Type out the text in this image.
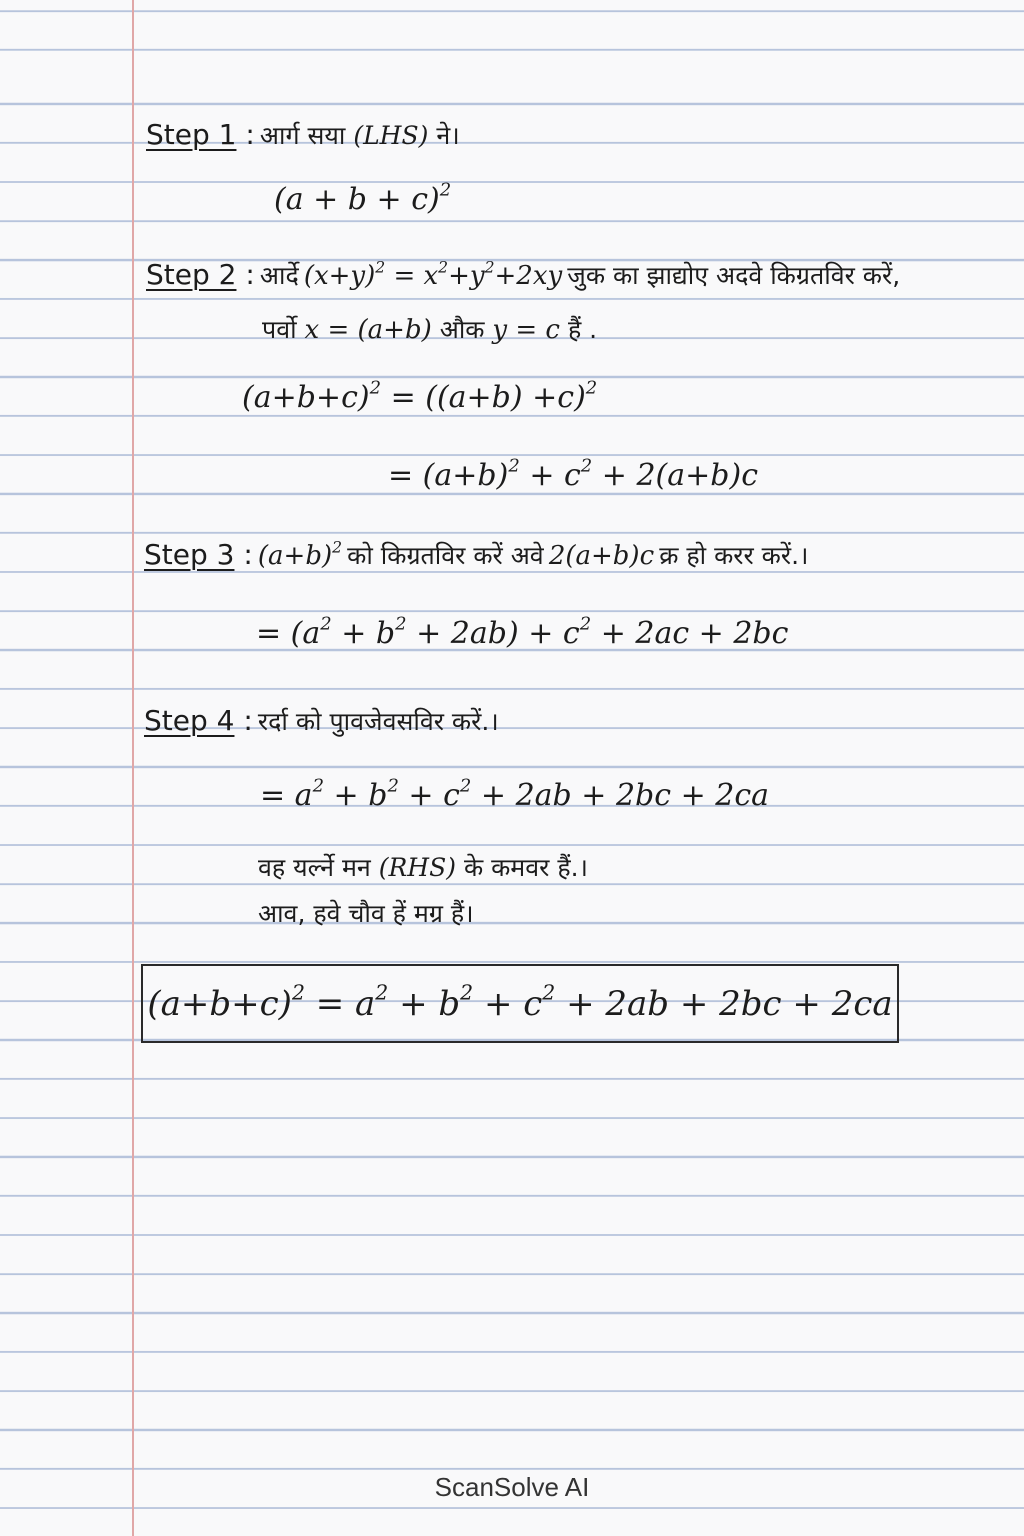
Step 1 : आर्ग सया (LHS) ने।
$(a + b + c)^2$
Step 2 : आर्दे $(x+y)^2 = x^2+y^2+2xy$ जुक का झाद्योए अदवे किग्रतविर करें,
पर्वो x = (a+b) औक y = c हैं .
$(a+b+c)^2 = ((a+b) +c)^2$
= $(a+b)^2 + c^2 + 2(a+b)c$
Step 3 : $(a+b)^2$ को किग्रतविर करें अवे 2(a+b)c क्र हो करर करें.।
= $(a^2 + b^2 + 2ab) + c^2 + 2ac + 2bc$
Step 4 : रर्दा को पुावजेवसविर करें.।
= $a^2 + b^2 + c^2 + 2ab + 2bc + 2ca$
वह यर्ल्ने मन (RHS) के कमवर हैं.।
आव, हवे चौव हें मग्र हैं।
$(a+b+c)^2 = a^2 + b^2 + c^2 + 2ab + 2bc + 2ca$
ScanSolve AI
